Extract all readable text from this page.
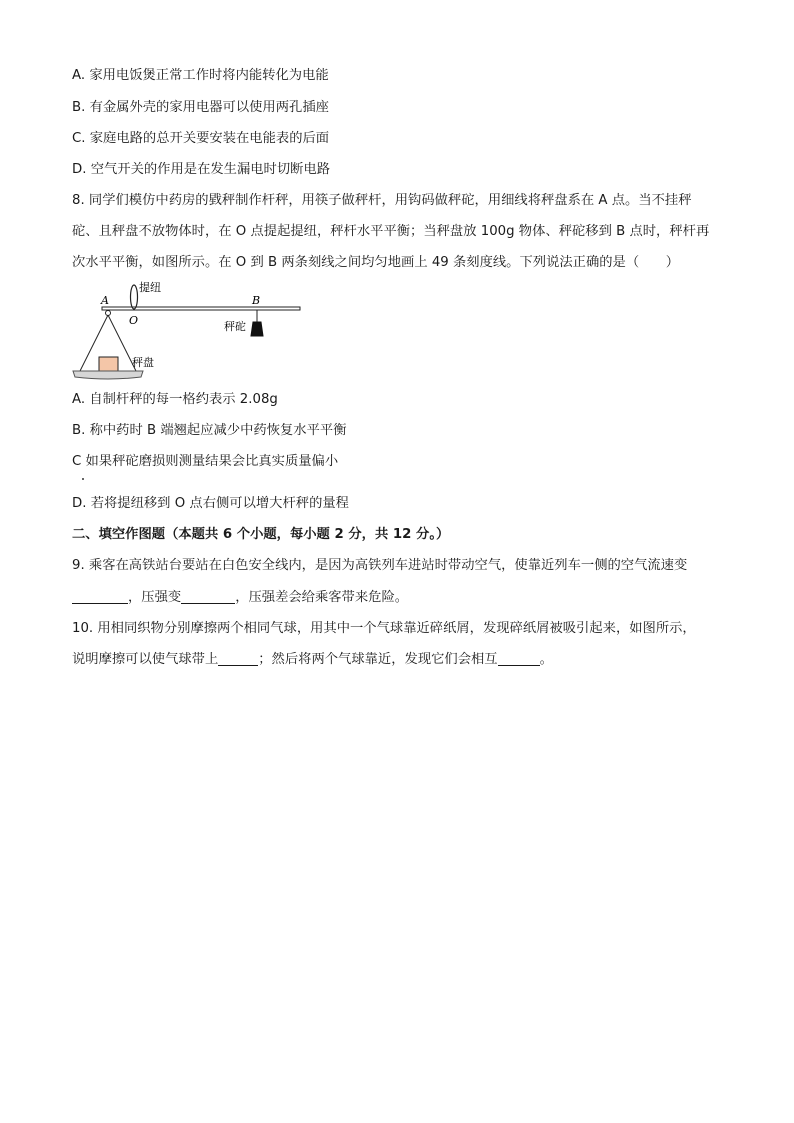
A. 家用电饭煲正常工作时将内能转化为电能
B. 有金属外壳的家用电器可以使用两孔插座
C. 家庭电路的总开关要安装在电能表的后面
D. 空气开关的作用是在发生漏电时切断电路
8. 同学们模仿中药房的戥秤制作杆秤，用筷子做秤杆，用钩码做秤砣，用细线将秤盘系在 A 点。当不挂秤
砣、且秤盘不放物体时，在 O 点提起提纽，秤杆水平平衡；当秤盘放 100g 物体、秤砣移到 B 点时，秤杆再
次水平平衡，如图所示。在 O 到 B 两条刻线之间均匀地画上 49 条刻度线。下列说法正确的是（　　）
A
O
B
提纽
秤砣
秤盘
A. 自制杆秤的每一格约表示 2.08g
B. 称中药时 B 端翘起应减少中药恢复水平平衡
C 如果秤砣磨损则测量结果会比真实质量偏小
D. 若将提纽移到 O 点右侧可以增大杆秤的量程
二、填空作图题（本题共 6 个小题，每小题 2 分，共 12 分。）
9. 乘客在高铁站台要站在白色安全线内，是因为高铁列车进站时带动空气，使靠近列车一侧的空气流速变
，压强变	，压强差会给乘客带来危险。
10. 用相同织物分别摩擦两个相同气球，用其中一个气球靠近碎纸屑，发现碎纸屑被吸引起来，如图所示，
说明摩擦可以使气球带上	；然后将两个气球靠近，发现它们会相互	。
